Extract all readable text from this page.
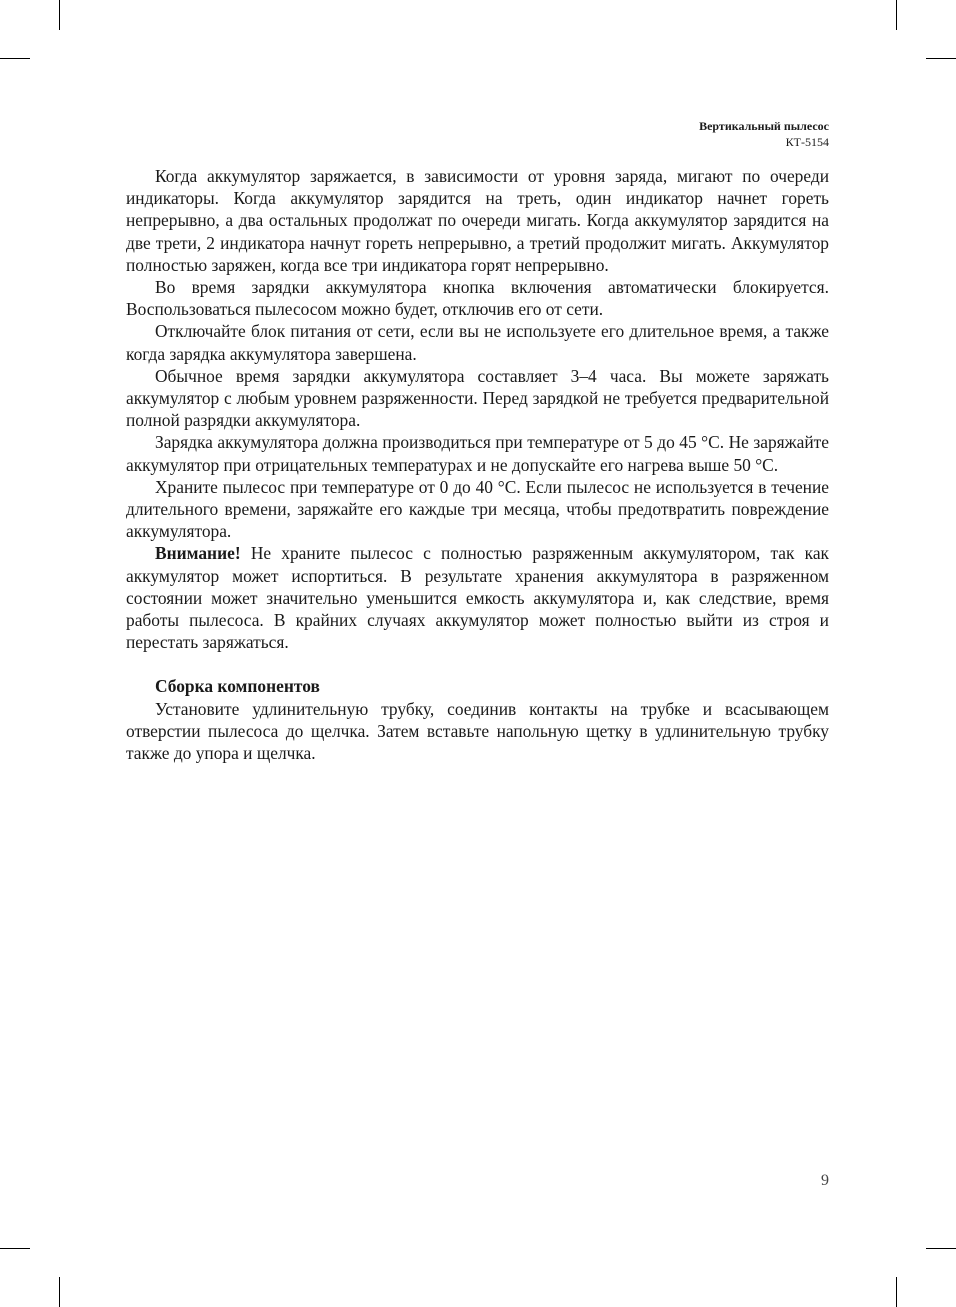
Вертикальный пылесос
КТ-5154

Когда аккумулятор заряжается, в зависимости от уровня заряда, мигают по очереди индикаторы. Когда аккумулятор зарядится на треть, один индикатор начнет гореть непрерывно, а два остальных продолжат по очереди мигать. Когда аккумулятор зарядится на две трети, 2 индикатора начнут гореть непрерывно, а третий продолжит мигать. Аккумулятор полностью заряжен, когда все три индикатора горят непрерывно.

Во время зарядки аккумулятора кнопка включения автоматически блокируется. Воспользоваться пылесосом можно будет, отключив его от сети.

Отключайте блок питания от сети, если вы не используете его длительное время, а также когда зарядка аккумулятора завершена.

Обычное время зарядки аккумулятора составляет 3–4 часа. Вы можете заряжать аккумулятор с любым уровнем разряженности. Перед зарядкой не требуется предварительной полной разрядки аккумулятора.

Зарядка аккумулятора должна производиться при температуре от 5 до 45 °С. Не заряжайте аккумулятор при отрицательных температурах и не допускайте его нагрева выше 50 °С.

Храните пылесос при температуре от 0 до 40 °С. Если пылесос не используется в течение длительного времени, заряжайте его каждые три месяца, чтобы предотвратить повреждение аккумулятора.

Внимание! Не храните пылесос с полностью разряженным аккумулятором, так как аккумулятор может испортиться. В результате хранения аккумулятора в разряженном состоянии может значительно уменьшится емкость аккумулятора и, как следствие, время работы пылесоса. В крайних случаях аккумулятор может полностью выйти из строя и перестать заряжаться.

Сборка компонентов

Установите удлинительную трубку, соединив контакты на трубке и всасывающем отверстии пылесоса до щелчка. Затем вставьте напольную щетку в удлинительную трубку также до упора и щелчка.

9
